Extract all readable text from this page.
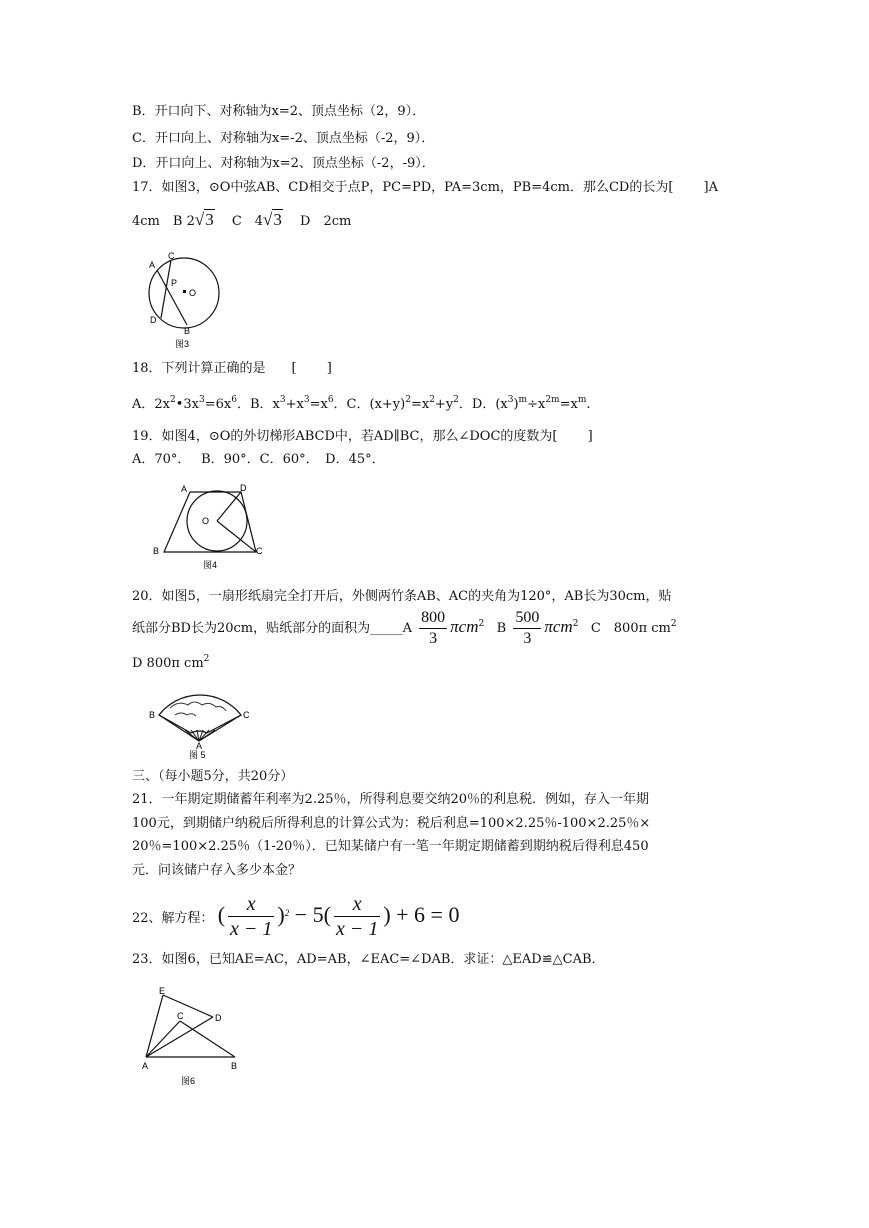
B．开口向下、对称轴为x=2、顶点坐标（2，9）．
C．开口向上、对称轴为x=-2、顶点坐标（-2，9）．
D．开口向上、对称轴为x=2、顶点坐标（-2，-9）．
17．如图3，⊙O中弦AB、CD相交于点P，PC=PD，PA=3cm，PB=4cm．那么CD的长为[　　 ]A
4cm　B 2√3　 C　4√3　 D　2cm
A
C
P
O
D
B
图3
18．下列计算正确的是　　[　　 ]
A．$2x^2•3x^3=6x^6$．B．$x^3+x^3=x^6$．C．$(x+y)^2=x^2+y^2$．D．$(x^3)^m\div x^{2m}=x^m$.
19．如图4，⊙O的外切梯形ABCD中，若AD∥BC，那么∠DOC的度数为[　　 ]
A．70°．　 B．90°．C．60°．　D．45°．
A	D
O
B	C
图4
20．如图5，一扇形纸扇完全打开后，外侧两竹条AB、AC的夹角为120°，AB长为30cm，贴
纸部分BD长为20cm，贴纸部分的面积为_____A $\frac{800}{3} \pi cm^2$ B $\frac{500}{3} \pi cm^2$ C　800π $cm^2$
D 800π $cm^2$
B	C
A
图 5
三、（每小题5分，共20分）
21．一年期定期储蓄年利率为2.25％，所得利息要交纳20％的利息税．例如，存入一年期
100元，到期储户纳税后所得利息的计算公式为：税后利息=100×2.25％-100×2.25％×
20％=100×2.25％（1-20％）．已知某储户有一笔一年期定期储蓄到期纳税后得利息450
元．问该储户存入多少本金？
22、解方程： ( $\frac{x}{x - 1} )^2 - 5( \frac{x}{x - 1}$ ) + 6 = 0
23．如图6，已知AE=AC，AD=AB，∠EAC=∠DAB．求证：△EAD≌△CAB．
E
C	D
A	B
图6
